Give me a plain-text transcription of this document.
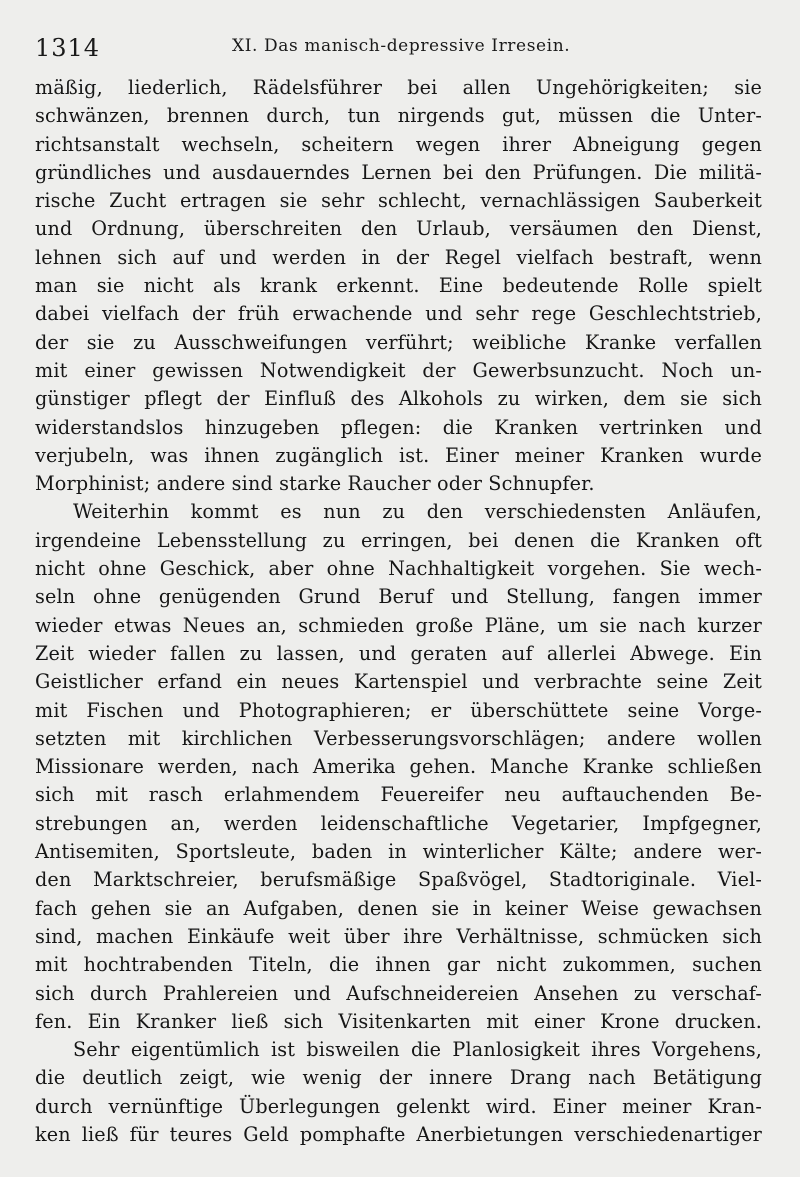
1314	XI. Das manisch-depressive Irresein.
mäßig, liederlich, Rädelsführer bei allen Ungehörigkeiten; sie
schwänzen, brennen durch, tun nirgends gut, müssen die Unter-
richtsanstalt wechseln, scheitern wegen ihrer Abneigung gegen
gründliches und ausdauerndes Lernen bei den Prüfungen. Die militä-
rische Zucht ertragen sie sehr schlecht, vernachlässigen Sauberkeit
und Ordnung, überschreiten den Urlaub, versäumen den Dienst,
lehnen sich auf und werden in der Regel vielfach bestraft, wenn
man sie nicht als krank erkennt. Eine bedeutende Rolle spielt
dabei vielfach der früh erwachende und sehr rege Geschlechtstrieb,
der sie zu Ausschweifungen verführt; weibliche Kranke verfallen
mit einer gewissen Notwendigkeit der Gewerbsunzucht. Noch un-
günstiger pflegt der Einfluß des Alkohols zu wirken, dem sie sich
widerstandslos hinzugeben pflegen: die Kranken vertrinken und
verjubeln, was ihnen zugänglich ist. Einer meiner Kranken wurde
Morphinist; andere sind starke Raucher oder Schnupfer.
Weiterhin kommt es nun zu den verschiedensten Anläufen,
irgendeine Lebensstellung zu erringen, bei denen die Kranken oft
nicht ohne Geschick, aber ohne Nachhaltigkeit vorgehen. Sie wech-
seln ohne genügenden Grund Beruf und Stellung, fangen immer
wieder etwas Neues an, schmieden große Pläne, um sie nach kurzer
Zeit wieder fallen zu lassen, und geraten auf allerlei Abwege. Ein
Geistlicher erfand ein neues Kartenspiel und verbrachte seine Zeit
mit Fischen und Photographieren; er überschüttete seine Vorge-
setzten mit kirchlichen Verbesserungsvorschlägen; andere wollen
Missionare werden, nach Amerika gehen. Manche Kranke schließen
sich mit rasch erlahmendem Feuereifer neu auftauchenden Be-
strebungen an, werden leidenschaftliche Vegetarier, Impfgegner,
Antisemiten, Sportsleute, baden in winterlicher Kälte; andere wer-
den Marktschreier, berufsmäßige Spaßvögel, Stadtoriginale. Viel-
fach gehen sie an Aufgaben, denen sie in keiner Weise gewachsen
sind, machen Einkäufe weit über ihre Verhältnisse, schmücken sich
mit hochtrabenden Titeln, die ihnen gar nicht zukommen, suchen
sich durch Prahlereien und Aufschneidereien Ansehen zu verschaf-
fen. Ein Kranker ließ sich Visitenkarten mit einer Krone drucken.
Sehr eigentümlich ist bisweilen die Planlosigkeit ihres Vorgehens,
die deutlich zeigt, wie wenig der innere Drang nach Betätigung
durch vernünftige Überlegungen gelenkt wird. Einer meiner Kran-
ken ließ für teures Geld pomphafte Anerbietungen verschiedenartiger
